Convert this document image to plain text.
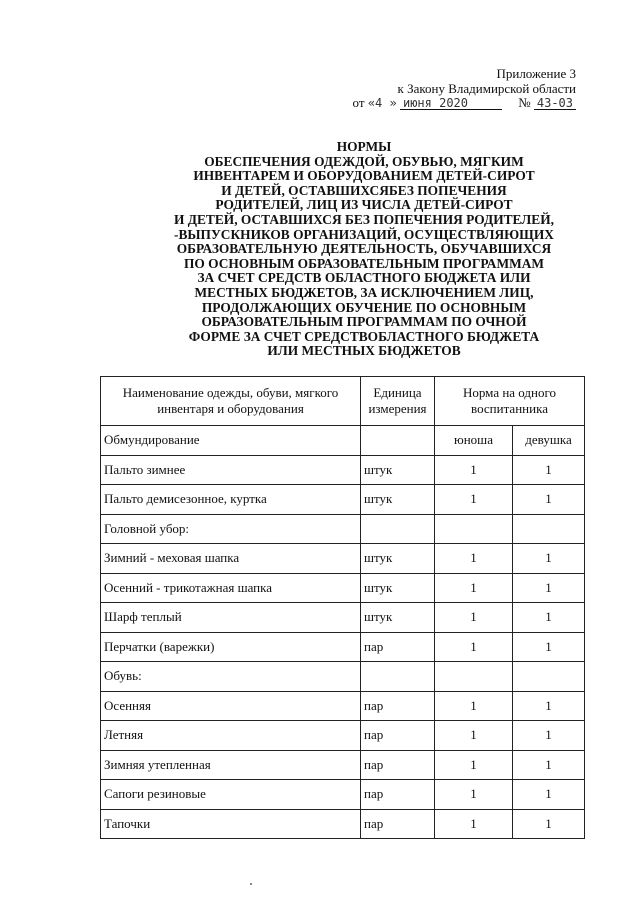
Приложение 3
к Закону Владимирской области
от «4 » июня 2020	№ 43-03
НОРМЫ
ОБЕСПЕЧЕНИЯ ОДЕЖДОЙ, ОБУВЬЮ, МЯГКИМ
ИНВЕНТАРЕМ И ОБОРУДОВАНИЕМ ДЕТЕЙ-СИРОТ
И ДЕТЕЙ, ОСТАВШИХСЯБЕЗ ПОПЕЧЕНИЯ
РОДИТЕЛЕЙ, ЛИЦ ИЗ ЧИСЛА ДЕТЕЙ-СИРОТ
И ДЕТЕЙ, ОСТАВШИХСЯ БЕЗ ПОПЕЧЕНИЯ РОДИТЕЛЕЙ,
-ВЫПУСКНИКОВ ОРГАНИЗАЦИЙ, ОСУЩЕСТВЛЯЮЩИХ
ОБРАЗОВАТЕЛЬНУЮ ДЕЯТЕЛЬНОСТЬ, ОБУЧАВШИХСЯ
ПО ОСНОВНЫМ ОБРАЗОВАТЕЛЬНЫМ ПРОГРАММАМ
ЗА СЧЕТ СРЕДСТВ ОБЛАСТНОГО БЮДЖЕТА ИЛИ
МЕСТНЫХ БЮДЖЕТОВ, ЗА ИСКЛЮЧЕНИЕМ ЛИЦ,
ПРОДОЛЖАЮЩИХ ОБУЧЕНИЕ ПО ОСНОВНЫМ
ОБРАЗОВАТЕЛЬНЫМ ПРОГРАММАМ ПО ОЧНОЙ
ФОРМЕ ЗА СЧЕТ СРЕДСТВОБЛАСТНОГО БЮДЖЕТА
ИЛИ МЕСТНЫХ БЮДЖЕТОВ
Наименование одежды, обуви, мягкого инвентаря и оборудования	Единица измерения	Норма на одного воспитанника	
Обмундирование		юноша	девушка
Пальто зимнее	штук	1	1
Пальто демисезонное, куртка	штук	1	1
Головной убор:			
Зимний - меховая шапка	штук	1	1
Осенний - трикотажная шапка	штук	1	1
Шарф теплый	штук	1	1
Перчатки (варежки)	пар	1	1
Обувь:			
Осенняя	пар	1	1
Летняя	пар	1	1
Зимняя утепленная	пар	1	1
Сапоги резиновые	пар	1	1
Тапочки	пар	1	1
